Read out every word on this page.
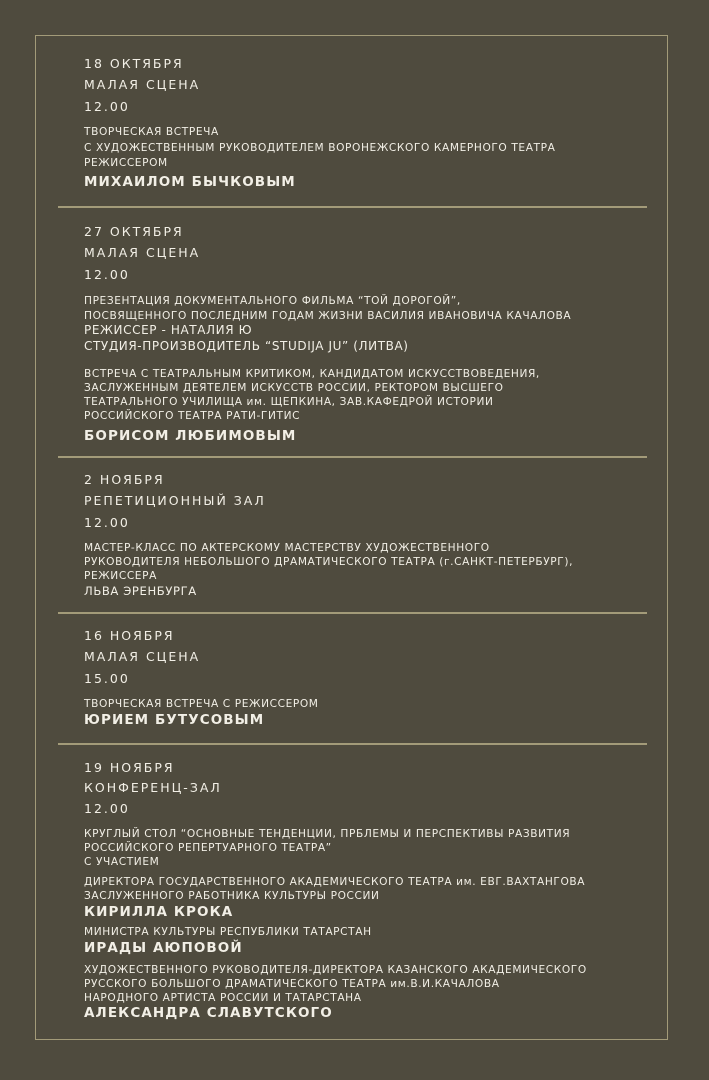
18 ОКТЯБРЯ
МАЛАЯ СЦЕНА
12.00
ТВОРЧЕСКАЯ ВСТРЕЧА
С ХУДОЖЕСТВЕННЫМ РУКОВОДИТЕЛЕМ ВОРОНЕЖСКОГО КАМЕРНОГО ТЕАТРА
РЕЖИССЕРОМ
МИХАИЛОМ БЫЧКОВЫМ
27 ОКТЯБРЯ
МАЛАЯ СЦЕНА
12.00
ПРЕЗЕНТАЦИЯ ДОКУМЕНТАЛЬНОГО ФИЛЬМА “ТОЙ ДОРОГОЙ”,
ПОСВЯЩЕННОГО ПОСЛЕДНИМ ГОДАМ ЖИЗНИ ВАСИЛИЯ ИВАНОВИЧА КАЧАЛОВА
РЕЖИССЕР - НАТАЛИЯ Ю
СТУДИЯ-ПРОИЗВОДИТЕЛЬ “STUDIJA JU” (ЛИТВА)
ВСТРЕЧА С ТЕАТРАЛЬНЫМ КРИТИКОМ, КАНДИДАТОМ ИСКУССТВОВЕДЕНИЯ,
ЗАСЛУЖЕННЫМ ДЕЯТЕЛЕМ ИСКУССТВ РОССИИ, РЕКТОРОМ ВЫСШЕГО
ТЕАТРАЛЬНОГО УЧИЛИЩА им. ЩЕПКИНА, ЗАВ.КАФЕДРОЙ ИСТОРИИ
РОССИЙСКОГО ТЕАТРА РАТИ-ГИТИС
БОРИСОМ ЛЮБИМОВЫМ
2 НОЯБРЯ
РЕПЕТИЦИОННЫЙ ЗАЛ
12.00
МАСТЕР-КЛАСС ПО АКТЕРСКОМУ МАСТЕРСТВУ ХУДОЖЕСТВЕННОГО
РУКОВОДИТЕЛЯ НЕБОЛЬШОГО ДРАМАТИЧЕСКОГО ТЕАТРА (г.САНКТ-ПЕТЕРБУРГ),
РЕЖИССЕРА
ЛЬВА ЭРЕНБУРГА
16 НОЯБРЯ
МАЛАЯ СЦЕНА
15.00
ТВОРЧЕСКАЯ ВСТРЕЧА С РЕЖИССЕРОМ
ЮРИЕМ БУТУСОВЫМ
19 НОЯБРЯ
КОНФЕРЕНЦ-ЗАЛ
12.00
КРУГЛЫЙ СТОЛ “ОСНОВНЫЕ ТЕНДЕНЦИИ, ПРБЛЕМЫ И ПЕРСПЕКТИВЫ РАЗВИТИЯ
РОССИЙСКОГО РЕПЕРТУАРНОГО ТЕАТРА”
С УЧАСТИЕМ
ДИРЕКТОРА ГОСУДАРСТВЕННОГО АКАДЕМИЧЕСКОГО ТЕАТРА им. ЕВГ.ВАХТАНГОВА
ЗАСЛУЖЕННОГО РАБОТНИКА КУЛЬТУРЫ РОССИИ
КИРИЛЛА КРОКА
МИНИСТРА КУЛЬТУРЫ РЕСПУБЛИКИ ТАТАРСТАН
ИРАДЫ АЮПОВОЙ
ХУДОЖЕСТВЕННОГО РУКОВОДИТЕЛЯ-ДИРЕКТОРА КАЗАНСКОГО АКАДЕМИЧЕСКОГО
РУССКОГО БОЛЬШОГО ДРАМАТИЧЕСКОГО ТЕАТРА им.В.И.КАЧАЛОВА
НАРОДНОГО АРТИСТА РОССИИ И ТАТАРСТАНА
АЛЕКСАНДРА СЛАВУТСКОГО
